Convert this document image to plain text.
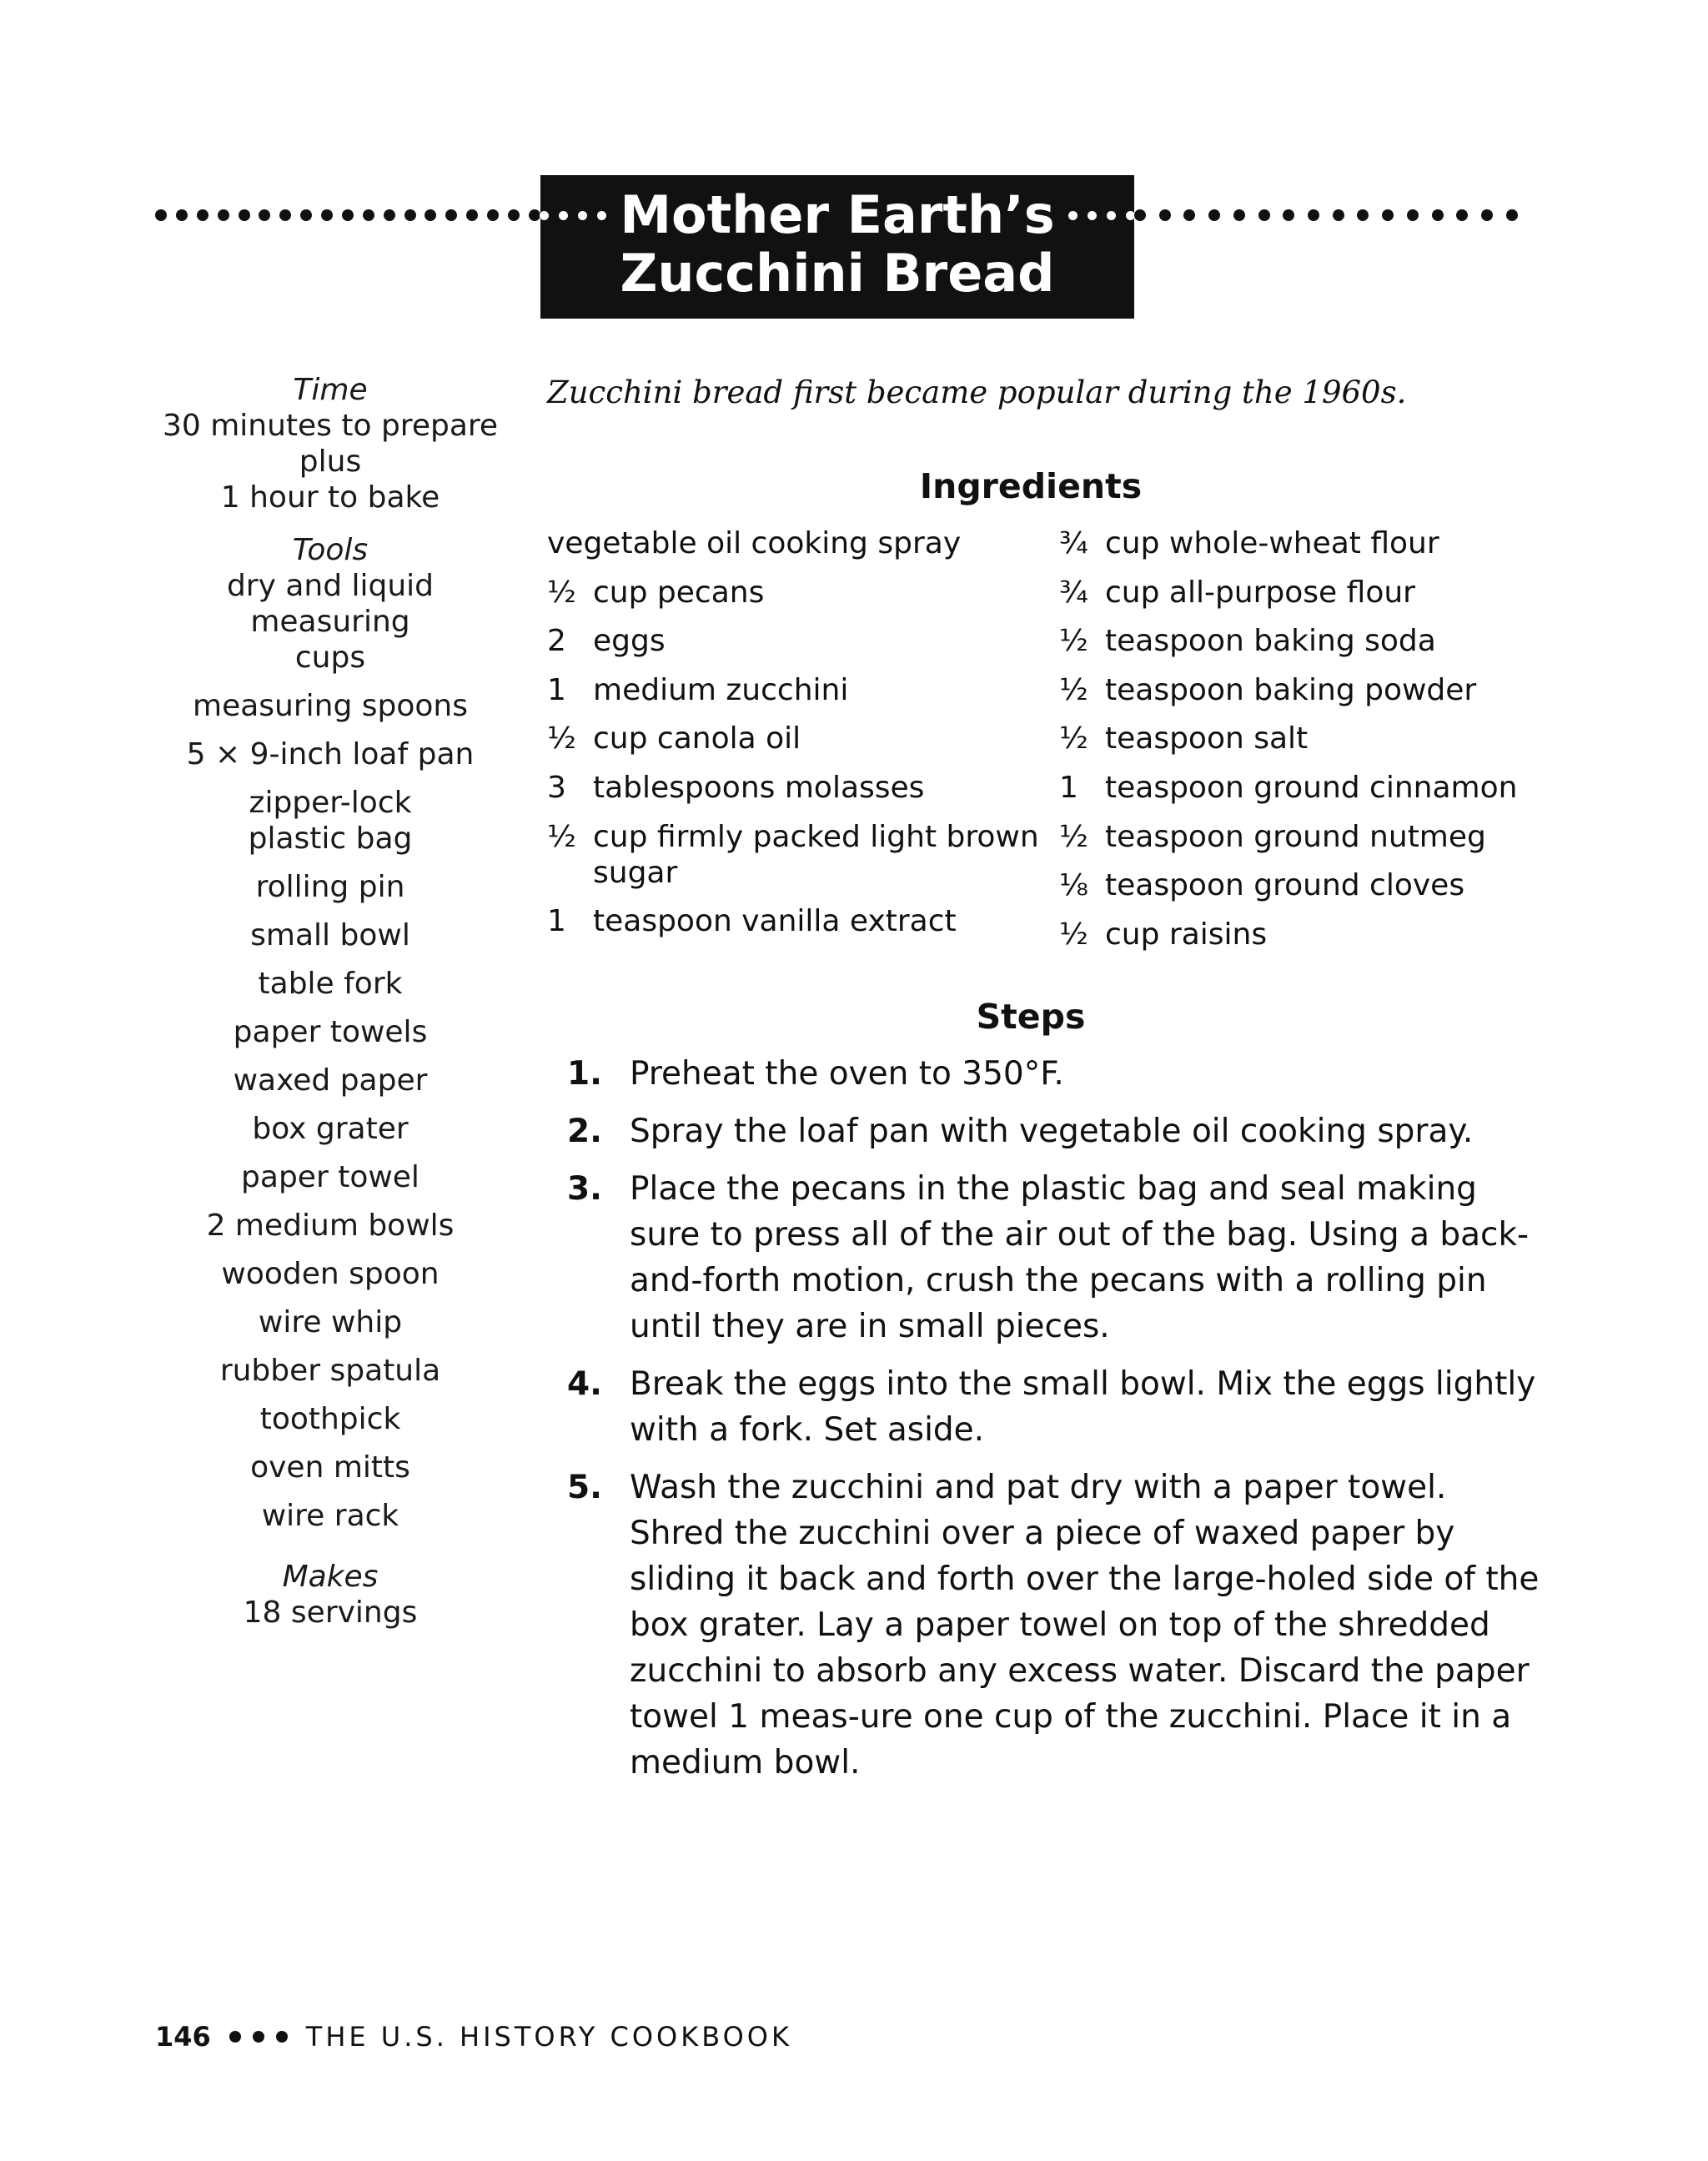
Mother Earth’s
Zucchini Bread
Time
30 minutes to prepare
plus
1 hour to bake
Tools
dry and liquid measuring cups
measuring spoons
5 × 9-inch loaf pan
zipper-lock plastic bag
rolling pin
small bowl
table fork
paper towels
waxed paper
box grater
paper towel
2 medium bowls
wooden spoon
wire whip
rubber spatula
toothpick
oven mitts
wire rack
Makes
18 servings
Zucchini bread first became popular during the 1960s.
Ingredients
vegetable oil cooking spray
½ cup pecans
2 eggs
1 medium zucchini
½ cup canola oil
3 tablespoons molasses
½ cup firmly packed light brown sugar
1 teaspoon vanilla extract
¾ cup whole-wheat flour
¾ cup all-purpose flour
½ teaspoon baking soda
½ teaspoon baking powder
½ teaspoon salt
1 teaspoon ground cinnamon
½ teaspoon ground nutmeg
⅛ teaspoon ground cloves
½ cup raisins
Steps
1. Preheat the oven to 350°F.
2. Spray the loaf pan with vegetable oil cooking spray.
3. Place the pecans in the plastic bag and seal making sure to press all of the air out of the bag. Using a back-and-forth motion, crush the pecans with a rolling pin until they are in small pieces.
4. Break the eggs into the small bowl. Mix the eggs lightly with a fork. Set aside.
5. Wash the zucchini and pat dry with a paper towel. Shred the zucchini over a piece of waxed paper by sliding it back and forth over the large-holed side of the box grater. Lay a paper towel on top of the shredded zucchini to absorb any excess water. Discard the paper towel 1 meas-ure one cup of the zucchini. Place it in a medium bowl.
146	THE U.S. HISTORY COOKBOOK
